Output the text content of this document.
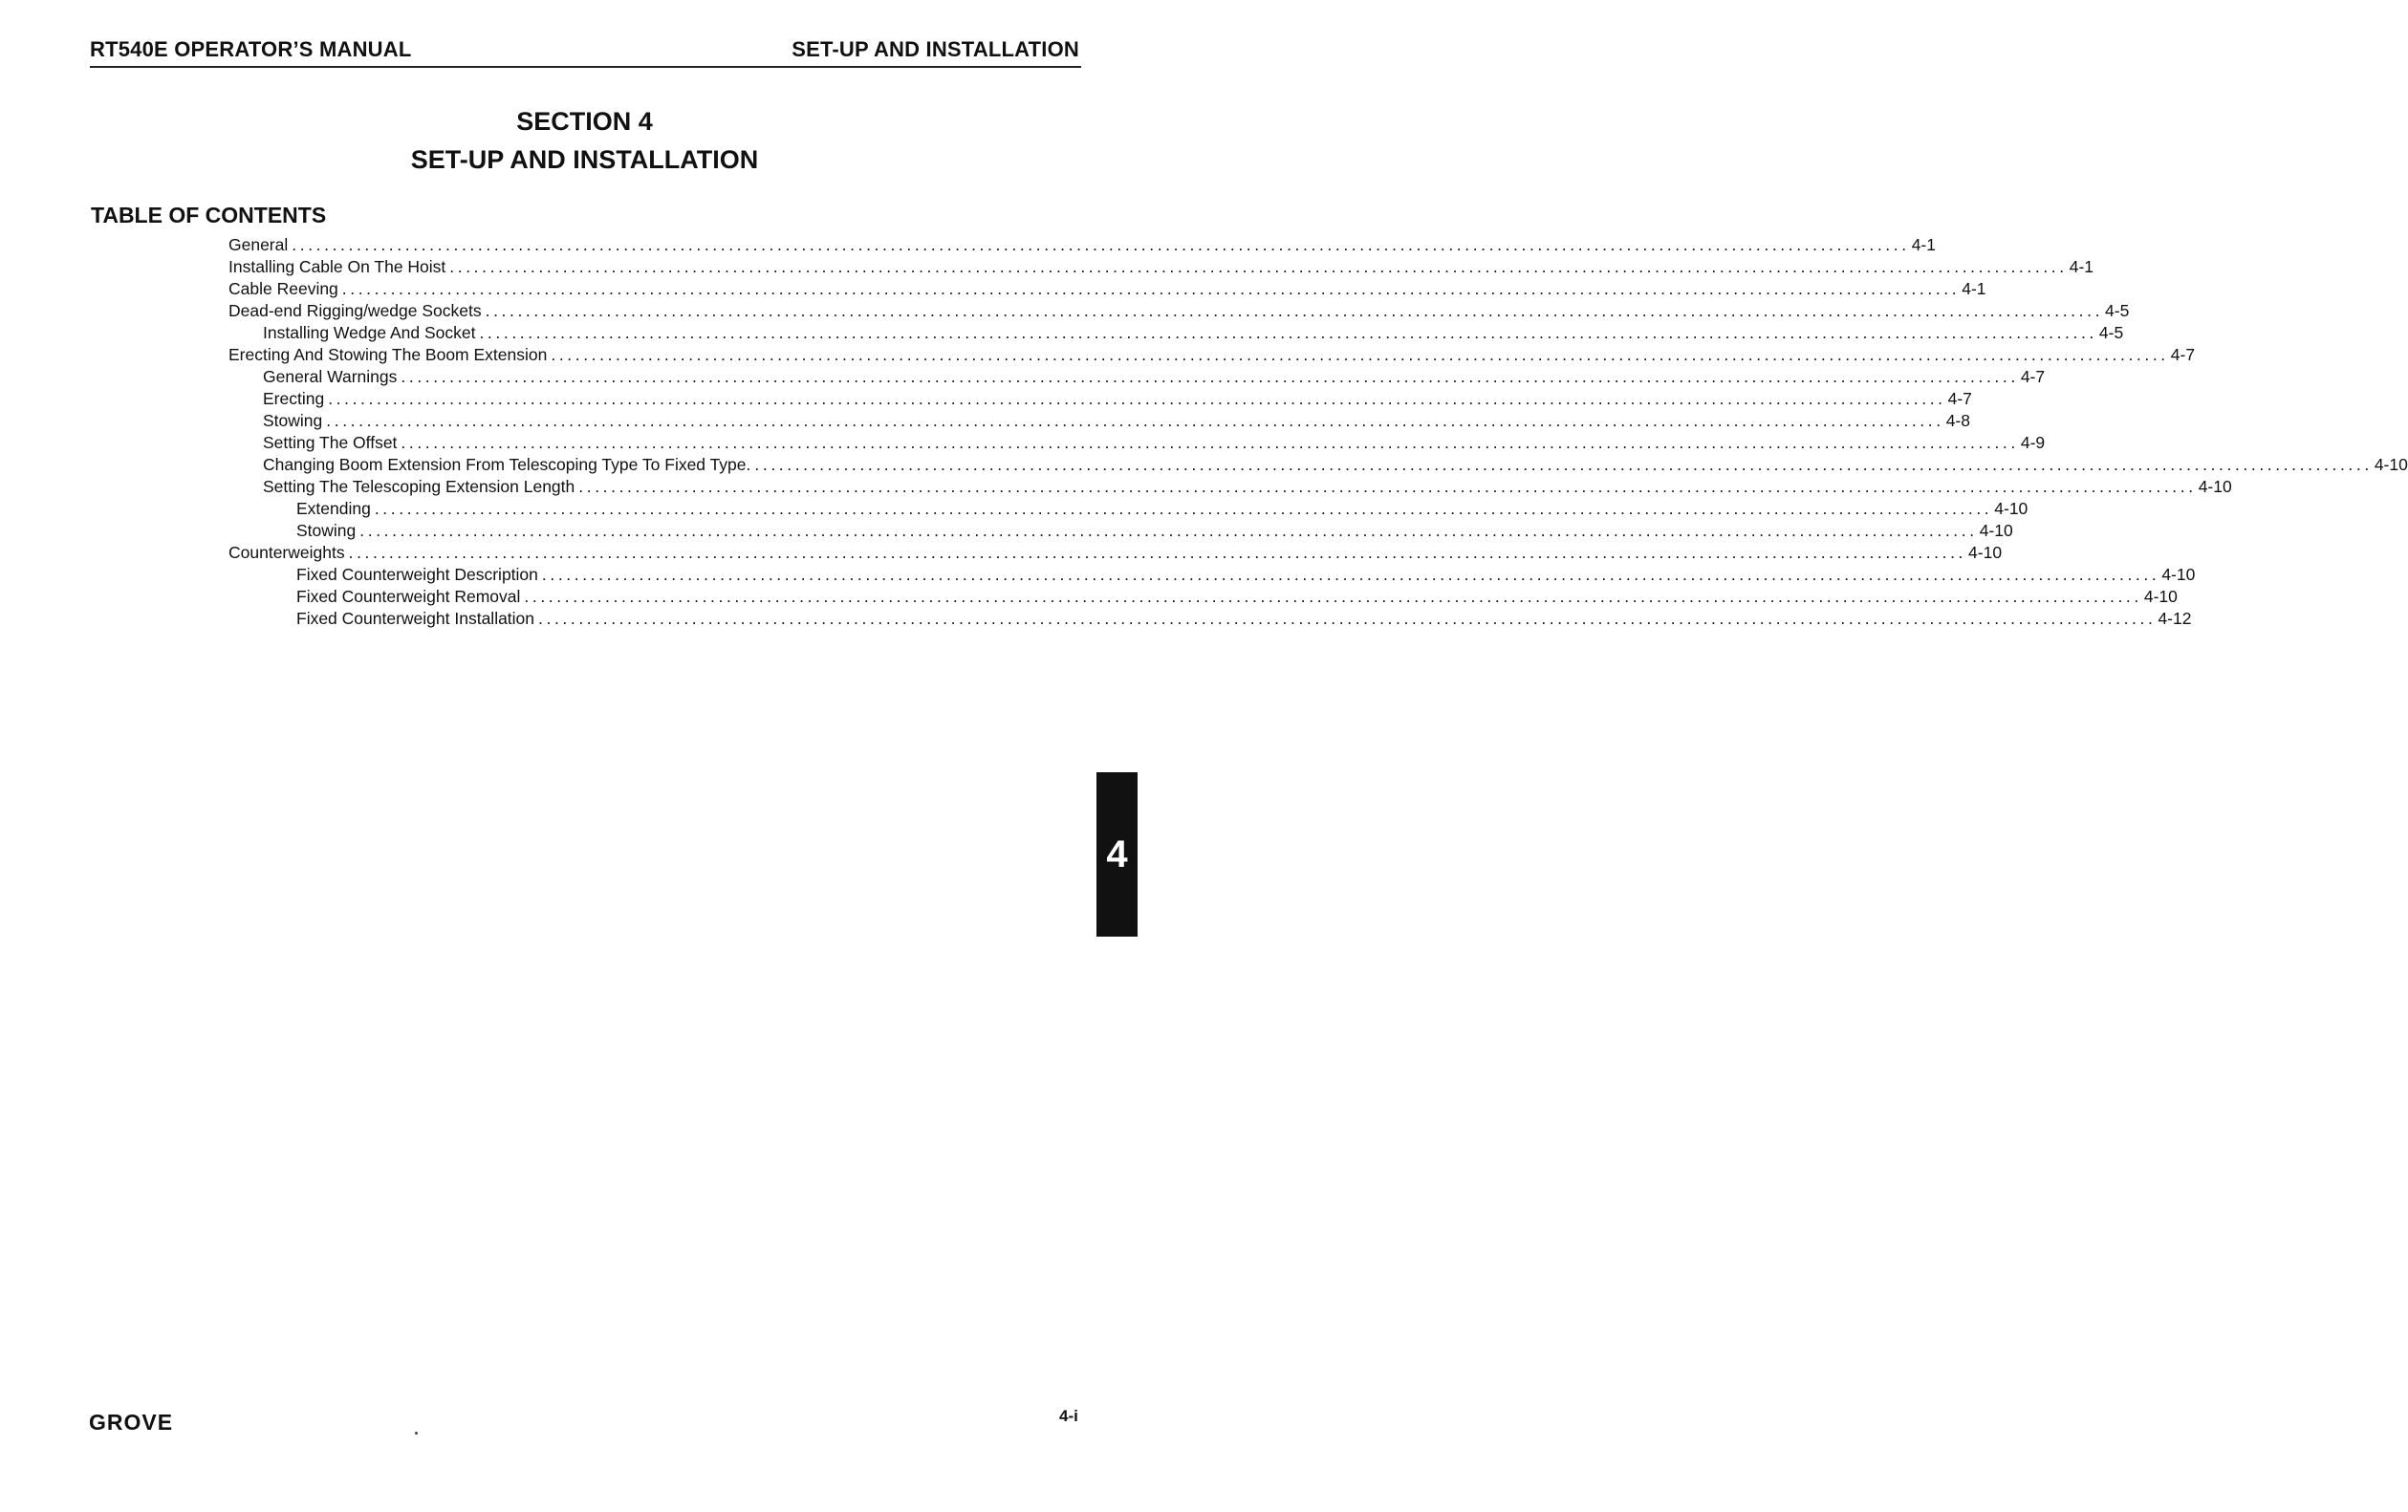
RT540E OPERATOR’S MANUAL	SET-UP AND INSTALLATION
SECTION 4
SET-UP AND INSTALLATION
TABLE OF CONTENTS
General ........................................................................................................................................................................................................ 4-1
Installing Cable On The Hoist ........................................................................................................................................................................................................ 4-1
Cable Reeving ........................................................................................................................................................................................................ 4-1
Dead-end Rigging/wedge Sockets ........................................................................................................................................................................................................ 4-5
Installing Wedge And Socket ........................................................................................................................................................................................................ 4-5
Erecting And Stowing The Boom Extension ........................................................................................................................................................................................................ 4-7
General Warnings ........................................................................................................................................................................................................ 4-7
Erecting ........................................................................................................................................................................................................ 4-7
Stowing ........................................................................................................................................................................................................ 4-8
Setting The Offset ........................................................................................................................................................................................................ 4-9
Changing Boom Extension From Telescoping Type To Fixed Type. ........................................................................................................................................................................................................ 4-10
Setting The Telescoping Extension Length ........................................................................................................................................................................................................ 4-10
Extending ........................................................................................................................................................................................................ 4-10
Stowing ........................................................................................................................................................................................................ 4-10
Counterweights ........................................................................................................................................................................................................ 4-10
Fixed Counterweight Description ........................................................................................................................................................................................................ 4-10
Fixed Counterweight Removal ........................................................................................................................................................................................................ 4-10
Fixed Counterweight Installation ........................................................................................................................................................................................................ 4-12
4
GROVE	4-i
